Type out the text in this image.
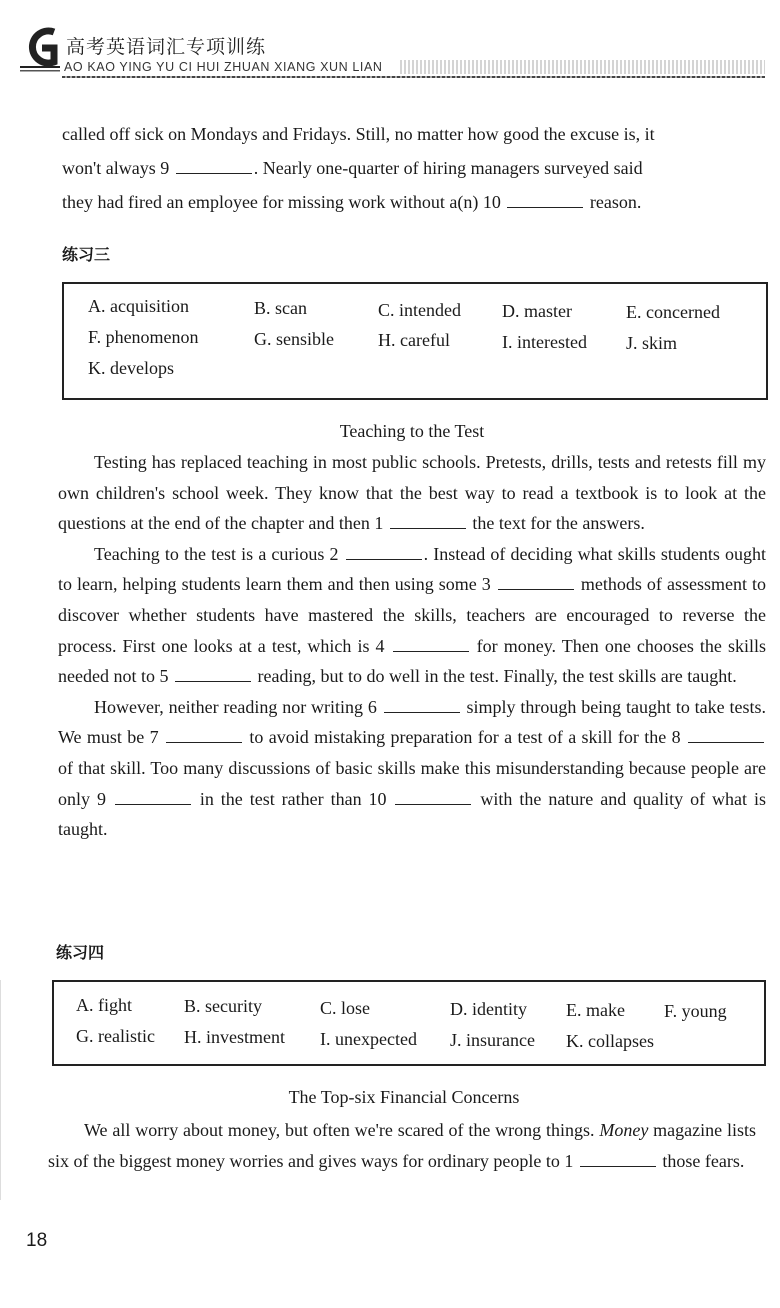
高考英语词汇专项训练
AO KAO YING YU CI HUI ZHUAN XIANG XUN LIAN

called off sick on Mondays and Fridays. Still, no matter how good the excuse is, it

won't always 9	. Nearly one-quarter of hiring managers surveyed said

they had fired an employee for missing work without a(n) 10	reason.

练习三
A. acquisition	B. scan	C. intended D. master	E. concerned
F. phenomenon	G. sensible H. careful	I. interested J. skim
K. develops
Teaching to the Test

Testing has replaced teaching in most public schools. Pretests, drills, tests and retests fill my own children's school week. They know that the best way to read a textbook is to look at the questions at the end of the chapter and then 1	the text for the answers.

Teaching to the test is a curious 2	. Instead of deciding what skills students ought to learn, helping students learn them and then using some 3	methods of assessment to discover whether students have mastered the skills, teachers are encouraged to reverse the process. First one looks at a test, which is 4	for money. Then one chooses the skills needed not to 5	reading, but to do well in the test. Finally, the test skills are taught.

However, neither reading nor writing 6	simply through being taught to take tests. We must be 7	to avoid mistaking preparation for a test of a skill for the 8  of that skill. Too many discussions of basic skills make this misunderstanding because people are only 9	in the test rather than 10	with the nature and quality of what is taught.

练习四
A. fight	B. security	C. lose	D. identity E. make F. young
G. realistic H. investment I. unexpected J. insurance K. collapses
The Top-six Financial Concerns

We all worry about money, but often we're scared of the wrong things. Money magazine lists six of the biggest money worries and gives ways for ordinary people to 1	those fears.

18
